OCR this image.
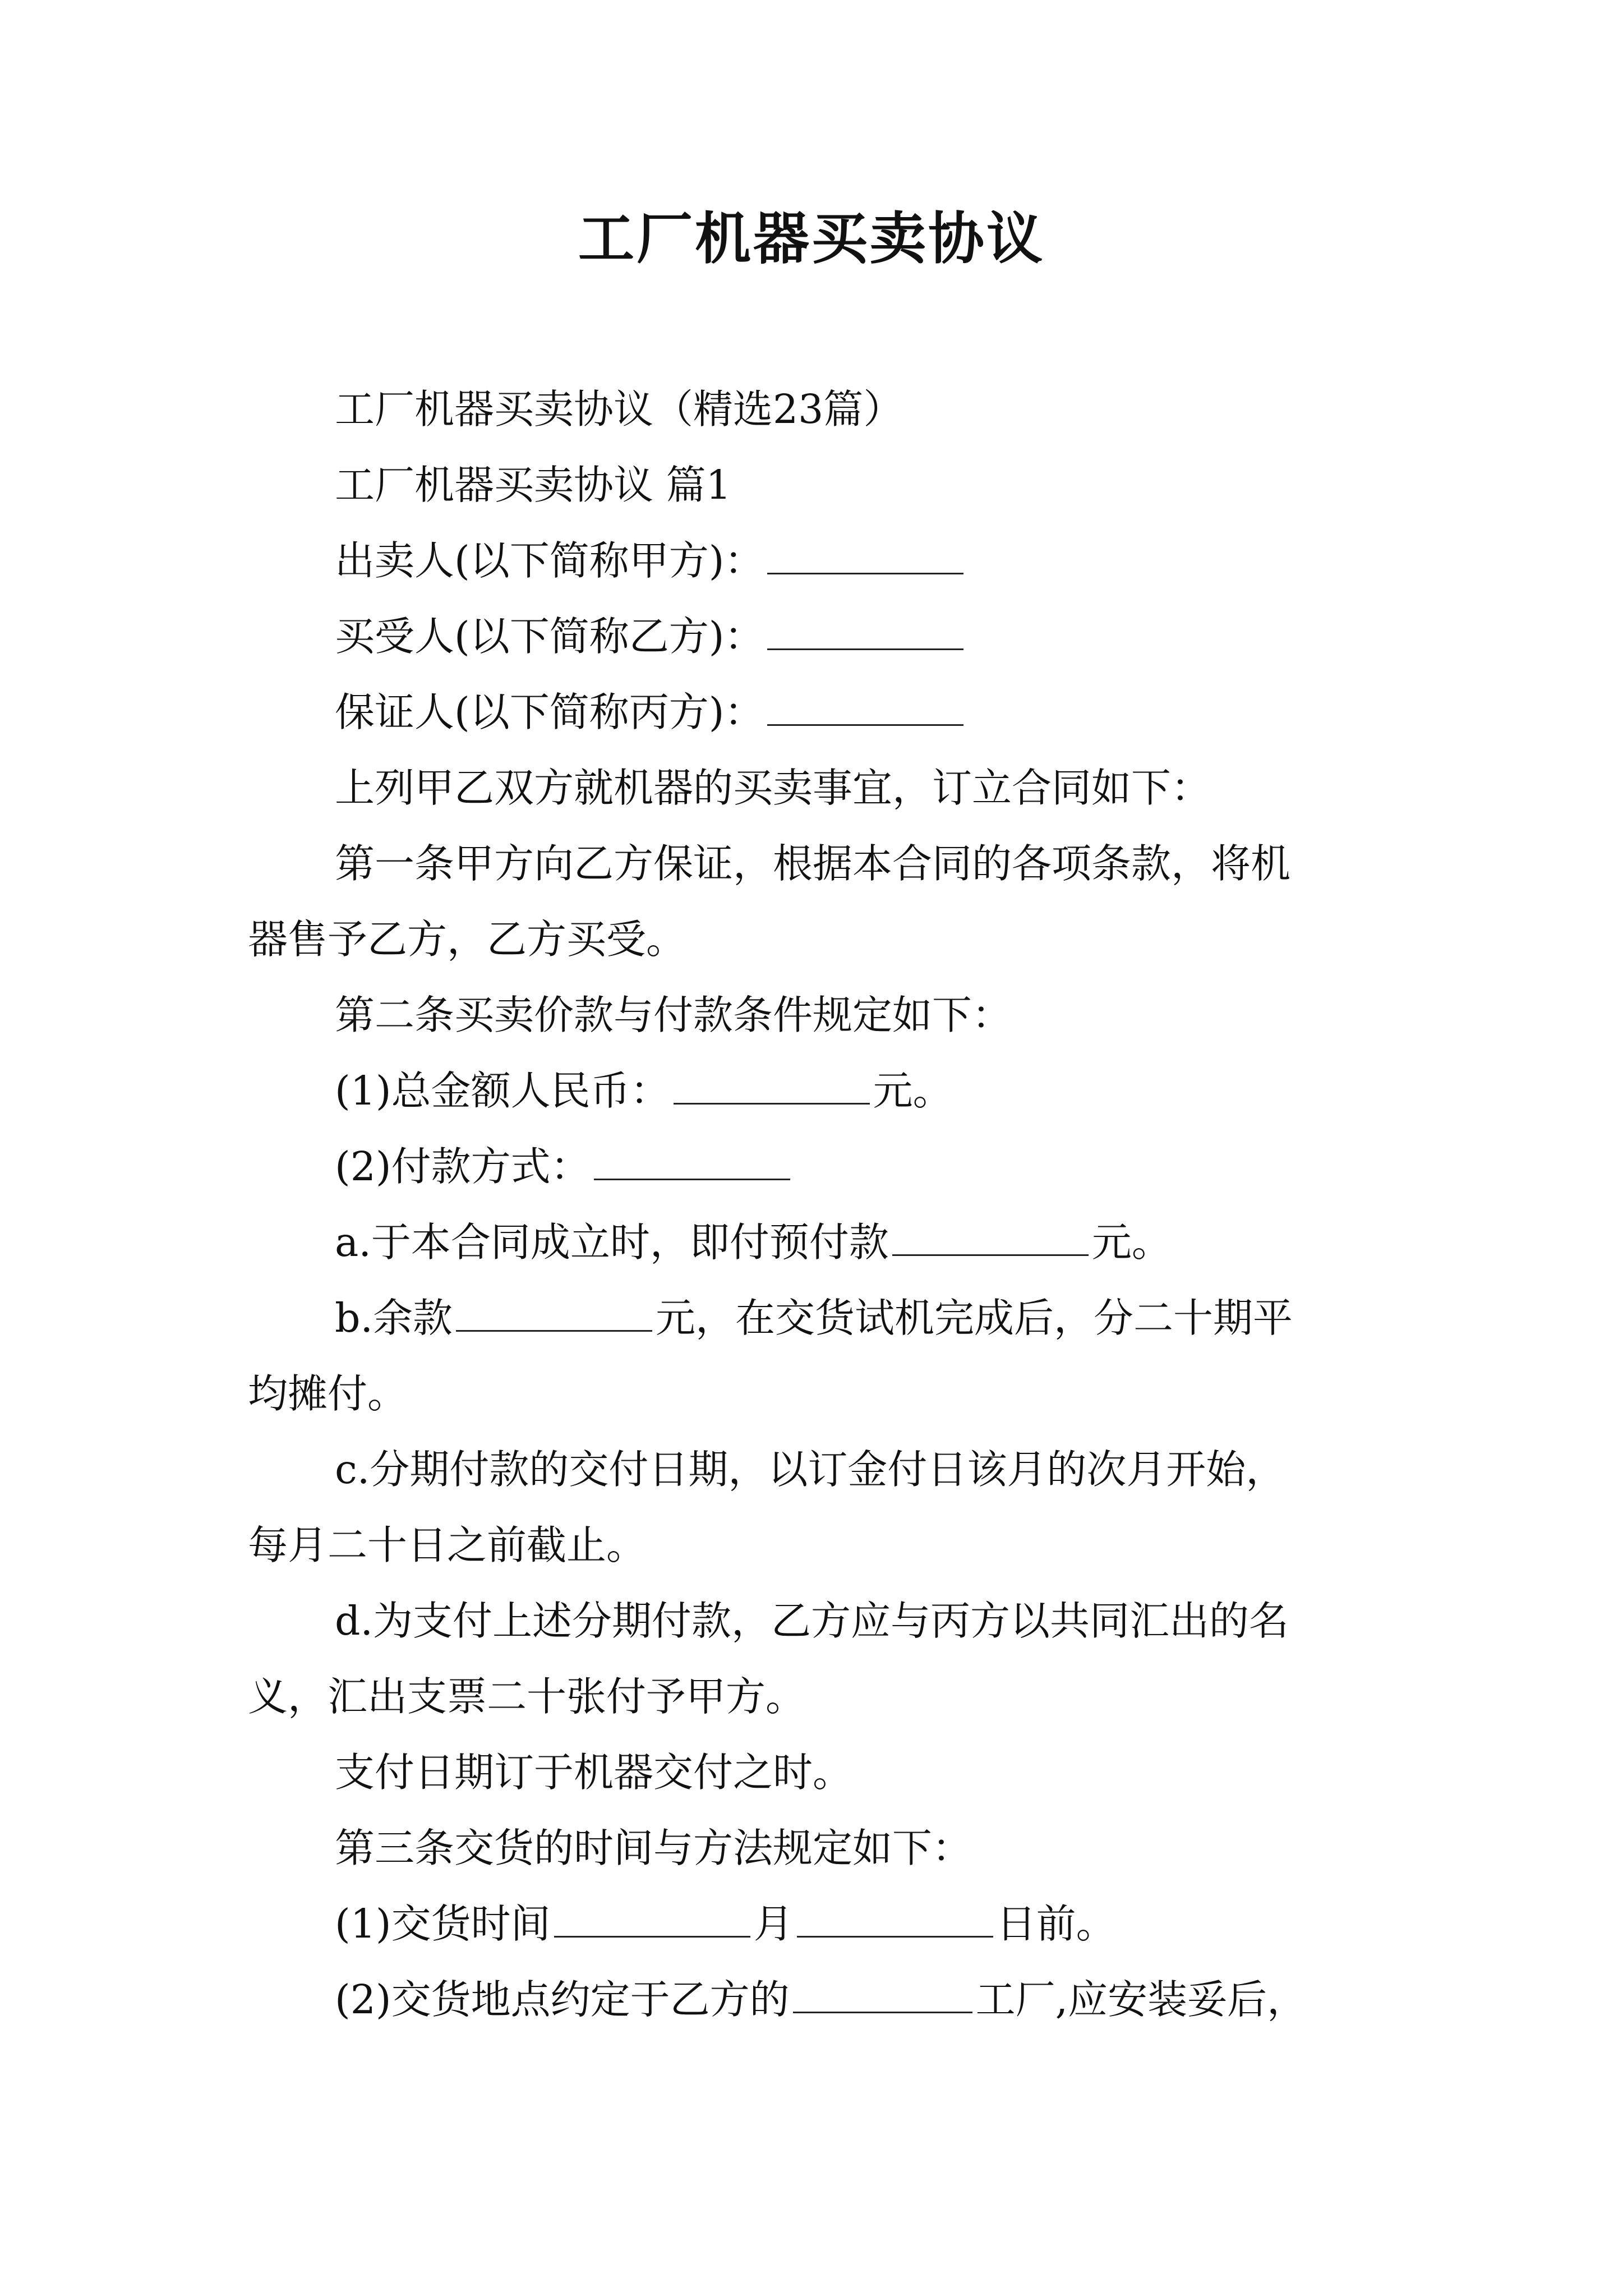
工厂机器买卖协议

工厂机器买卖协议（精选23篇）

工厂机器买卖协议 篇1

出卖人(以下简称甲方)：

买受人(以下简称乙方)：

保证人(以下简称丙方)：

上列甲乙双方就机器的买卖事宜，订立合同如下：

第一条甲方向乙方保证，根据本合同的各项条款，将机

器售予乙方，乙方买受。

第二条买卖价款与付款条件规定如下：

(1)总金额人民币：	元。

(2)付款方式：

a.于本合同成立时，即付预付款	元。

b.余款	元，在交货试机完成后，分二十期平

均摊付。

c.分期付款的交付日期，以订金付日该月的次月开始，

每月二十日之前截止。

d.为支付上述分期付款，乙方应与丙方以共同汇出的名

义，汇出支票二十张付予甲方。

支付日期订于机器交付之时。

第三条交货的时间与方法规定如下：

(1)交货时间	月	日前。

(2)交货地点约定于乙方的	工厂,应安装妥后，
